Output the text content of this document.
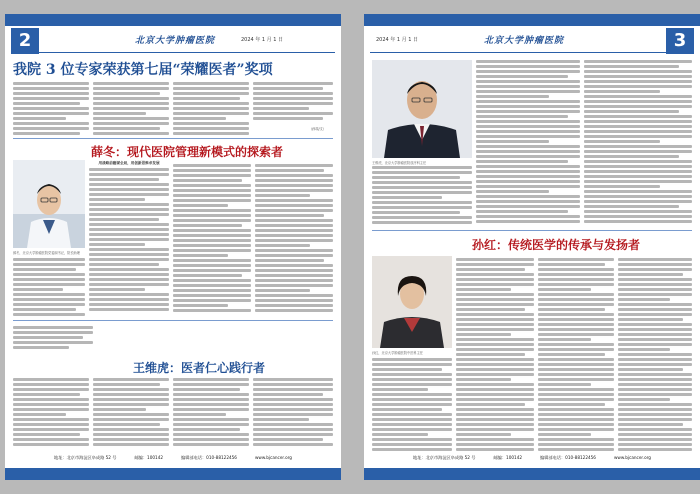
2	北京大学肿瘤医院	2024 年 1 月 1 日
我院 3 位专家荣获第七届“荣耀医者”奖项
（孙琰/文）
薛冬：现代医院管理新模式的探索者
薛冬，北京大学肿瘤医院党委副书记，院长助理
用战略前瞻谋全局，用创新思维求发展
王维虎：医者仁心践行者
地址：北京市海淀区阜成路 52 号	邮编：100142	编辑部电话：010-88122456	www.bjcancer.org
2024 年 1 月 1 日	北京大学肿瘤医院	3
王维虎，北京大学肿瘤医院放疗科主任
孙红：传统医学的传承与发扬者
孙红，北京大学肿瘤医院中医科主任
地址：北京市海淀区阜成路 52 号	邮编：100142	编辑部电话：010-88122456	www.bjcancer.org
